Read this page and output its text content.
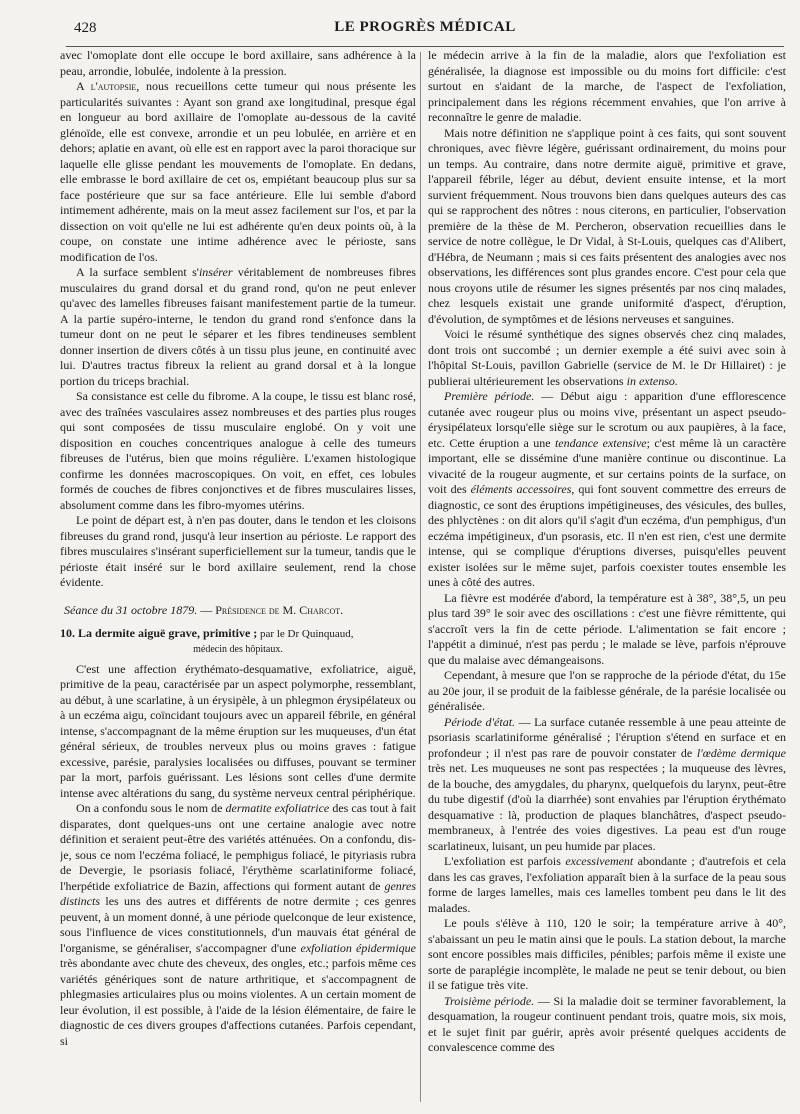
428	LE PROGRÈS MÉDICAL

avec l'omoplate dont elle occupe le bord axillaire, sans adhérence à la peau, arrondie, lobulée, indolente à la pression.

A l'autopsie, nous recueillons cette tumeur qui nous présente les particularités suivantes : Ayant son grand axe longitudinal, presque égal en longueur au bord axillaire de l'omoplate au-dessous de la cavité glénoïde, elle est convexe, arrondie et un peu lobulée, en arrière et en dehors; aplatie en avant, où elle est en rapport avec la paroi thoracique sur laquelle elle glisse pendant les mouvements de l'omoplate. En dedans, elle embrasse le bord axillaire de cet os, empiétant beaucoup plus sur sa face postérieure que sur sa face antérieure. Elle lui semble d'abord intimement adhérente, mais on la meut assez facilement sur l'os, et par la dissection on voit qu'elle ne lui est adhérente qu'en deux points où, à la coupe, on constate une intime adhérence avec le périoste, sans modification de l'os.

A la surface semblent s'insérer véritablement de nombreuses fibres musculaires du grand dorsal et du grand rond, qu'on ne peut enlever qu'avec des lamelles fibreuses faisant manifestement partie de la tumeur. A la partie supéro-interne, le tendon du grand rond s'enfonce dans la tumeur dont on ne peut le séparer et les fibres tendineuses semblent donner insertion de divers côtés à un tissu plus jeune, en continuité avec lui. D'autres tractus fibreux la relient au grand dorsal et à la longue portion du triceps brachial.

Sa consistance est celle du fibrome. A la coupe, le tissu est blanc rosé, avec des traînées vasculaires assez nombreuses et des parties plus rouges qui sont composées de tissu musculaire englobé. On y voit une disposition en couches concentriques analogue à celle des tumeurs fibreuses de l'utérus, bien que moins régulière. L'examen histologique confirme les données macroscopiques. On voit, en effet, ces lobules formés de couches de fibres conjonctives et de fibres musculaires lisses, absolument comme dans les fibro-myomes utérins.

Le point de départ est, à n'en pas douter, dans le tendon et les cloisons fibreuses du grand rond, jusqu'à leur insertion au périoste. Le rapport des fibres musculaires s'insérant superficiellement sur la tumeur, tandis que le périoste était inséré sur le bord axillaire seulement, rend la chose évidente.

Séance du 31 octobre 1879. — Présidence de M. Charcot.

10. La dermite aiguë grave, primitive ; par le Dr Quinquaud,

médecin des hôpitaux.

C'est une affection érythémato-desquamative, exfoliatrice, aiguë, primitive de la peau, caractérisée par un aspect polymorphe, ressemblant, au début, à une scarlatine, à un érysipèle, à un phlegmon érysipélateux ou à un eczéma aigu, coïncidant toujours avec un appareil fébrile, en général intense, s'accompagnant de la même éruption sur les muqueuses, d'un état général sérieux, de troubles nerveux plus ou moins graves : fatigue excessive, parésie, paralysies localisées ou diffuses, pouvant se terminer par la mort, parfois guérissant. Les lésions sont celles d'une dermite intense avec altérations du sang, du système nerveux central périphérique.

On a confondu sous le nom de dermatite exfoliatrice des cas tout à fait disparates, dont quelques-uns ont une certaine analogie avec notre définition et seraient peut-être des variétés atténuées. On a confondu, dis-je, sous ce nom l'eczéma foliacé, le pemphigus foliacé, le pityriasis rubra de Devergie, le psoriasis foliacé, l'érythème scarlatiniforme foliacé, l'herpétide exfoliatrice de Bazin, affections qui forment autant de genres distincts les uns des autres et différents de notre dermite ; ces genres peuvent, à un moment donné, à une période quelconque de leur existence, sous l'influence de vices constitutionnels, d'un mauvais état général de l'organisme, se généraliser, s'accompagner d'une exfoliation épidermique très abondante avec chute des cheveux, des ongles, etc.; parfois même ces variétés génériques sont de nature arthritique, et s'accompagnent de phlegmasies articulaires plus ou moins violentes. A un certain moment de leur évolution, il est possible, à l'aide de la lésion élémentaire, de faire le diagnostic de ces divers groupes d'affections cutanées. Parfois cependant, si

le médecin arrive à la fin de la maladie, alors que l'exfoliation est généralisée, la diagnose est impossible ou du moins fort difficile: c'est surtout en s'aidant de la marche, de l'aspect de l'exfoliation, principalement dans les régions récemment envahies, que l'on arrive à reconnaître le genre de maladie.

Mais notre définition ne s'applique point à ces faits, qui sont souvent chroniques, avec fièvre légère, guérissant ordinairement, du moins pour un temps. Au contraire, dans notre dermite aiguë, primitive et grave, l'appareil fébrile, léger au début, devient ensuite intense, et la mort survient fréquemment. Nous trouvons bien dans quelques auteurs des cas qui se rapprochent des nôtres : nous citerons, en particulier, l'observation première de la thèse de M. Percheron, observation recueillies dans le service de notre collègue, le Dr Vidal, à St-Louis, quelques cas d'Alibert, d'Hébra, de Neumann ; mais si ces faits présentent des analogies avec nos observations, les différences sont plus grandes encore. C'est pour cela que nous croyons utile de résumer les signes présentés par nos cinq malades, chez lesquels existait une grande uniformité d'aspect, d'éruption, d'évolution, de symptômes et de lésions nerveuses et sanguines.

Voici le résumé synthétique des signes observés chez cinq malades, dont trois ont succombé ; un dernier exemple a été suivi avec soin à l'hôpital St-Louis, pavillon Gabrielle (service de M. le Dr Hillairet) : je publierai ultérieurement les observations in extenso.

Première période. — Début aigu : apparition d'une efflorescence cutanée avec rougeur plus ou moins vive, présentant un aspect pseudo-érysipélateux lorsqu'elle siège sur le scrotum ou aux paupières, à la face, etc. Cette éruption a une tendance extensive; c'est même là un caractère important, elle se dissémine d'une manière continue ou discontinue. La vivacité de la rougeur augmente, et sur certains points de la surface, on voit des éléments accessoires, qui font souvent commettre des erreurs de diagnostic, ce sont des éruptions impétigineuses, des vésicules, des bulles, des phlyctènes : on dit alors qu'il s'agit d'un eczéma, d'un pemphigus, d'un eczéma impétigineux, d'un psorasis, etc. Il n'en est rien, c'est une dermite intense, qui se complique d'éruptions diverses, puisqu'elles peuvent exister isolées sur le même sujet, parfois coexister toutes ensemble les unes à côté des autres.

La fièvre est modérée d'abord, la température est à 38°, 38°,5, un peu plus tard 39° le soir avec des oscillations : c'est une fièvre rémittente, qui s'accroît vers la fin de cette période. L'alimentation se fait encore ; l'appétit a diminué, n'est pas perdu ; le malade se lève, parfois n'éprouve que du malaise avec démangeaisons.

Cependant, à mesure que l'on se rapproche de la période d'état, du 15e au 20e jour, il se produit de la faiblesse générale, de la parésie localisée ou généralisée.

Période d'état. — La surface cutanée ressemble à une peau atteinte de psoriasis scarlatiniforme généralisé ; l'éruption s'étend en surface et en profondeur ; il n'est pas rare de pouvoir constater de l'œdème dermique très net. Les muqueuses ne sont pas respectées ; la muqueuse des lèvres, de la bouche, des amygdales, du pharynx, quelquefois du larynx, peut-être du tube digestif (d'où la diarrhée) sont envahies par l'éruption érythémato desquamative : là, production de plaques blanchâtres, d'aspect pseudo-membraneux, à l'entrée des voies digestives. La peau est d'un rouge scarlatineux, luisant, un peu humide par places.

L'exfoliation est parfois excessivement abondante ; d'autrefois et cela dans les cas graves, l'exfoliation apparaît bien à la surface de la peau sous forme de larges lamelles, mais ces lamelles tombent peu dans le lit des malades.

Le pouls s'élève à 110, 120 le soir; la température arrive à 40°, s'abaissant un peu le matin ainsi que le pouls. La station debout, la marche sont encore possibles mais difficiles, pénibles; parfois même il existe une sorte de paraplégie incomplète, le malade ne peut se tenir debout, ou bien il se fatigue très vite.

Troisième période. — Si la maladie doit se terminer favorablement, la desquamation, la rougeur continuent pendant trois, quatre mois, six mois, et le sujet finit par guérir, après avoir présenté quelques accidents de convalescence comme des
